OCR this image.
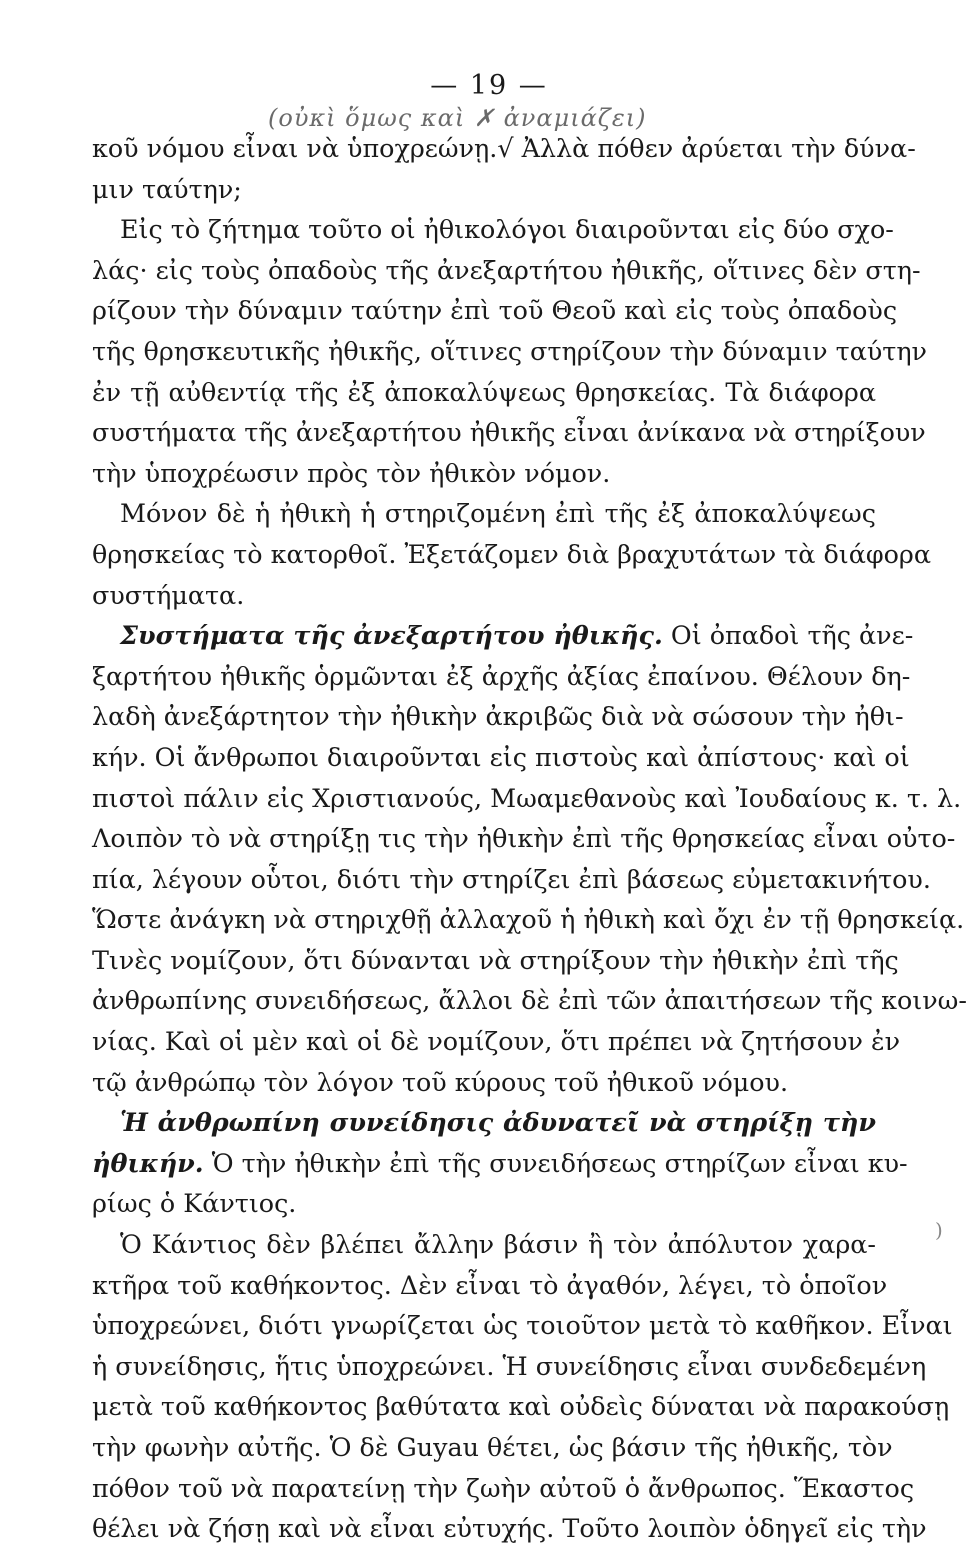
— 19 —
(οὐκὶ ὅμως καὶ ✗ ἀναμιάζει)
)
κοῦ νόμου εἶναι νὰ ὑποχρεώνῃ.√ Ἀλλὰ πόθεν ἀρύεται τὴν δύνα-
μιν ταύτην;
Εἰς τὸ ζήτημα τοῦτο οἱ ἠθικολόγοι διαιροῦνται εἰς δύο σχο-
λάς· εἰς τοὺς ὀπαδοὺς τῆς ἀνεξαρτήτου ἠθικῆς, οἵτινες δὲν στη-
ρίζουν τὴν δύναμιν ταύτην ἐπὶ τοῦ Θεοῦ καὶ εἰς τοὺς ὀπαδοὺς
τῆς θρησκευτικῆς ἠθικῆς, οἵτινες στηρίζουν τὴν δύναμιν ταύτην
ἐν τῇ αὐθεντίᾳ τῆς ἐξ ἀποκαλύψεως θρησκείας. Τὰ διάφορα
συστήματα τῆς ἀνεξαρτήτου ἠθικῆς εἶναι ἀνίκανα νὰ στηρίξουν
τὴν ὑποχρέωσιν πρὸς τὸν ἠθικὸν νόμον.
Μόνον δὲ ἡ ἠθικὴ ἡ στηριζομένη ἐπὶ τῆς ἐξ ἀποκαλύψεως
θρησκείας τὸ κατορθοῖ. Ἐξετάζομεν διὰ βραχυτάτων τὰ διάφορα
συστήματα.
Συστήματα τῆς ἀνεξαρτήτου ἠθικῆς. Οἱ ὀπαδοὶ τῆς ἀνε-
ξαρτήτου ἠθικῆς ὁρμῶνται ἐξ ἀρχῆς ἀξίας ἐπαίνου. Θέλουν δη-
λαδὴ ἀνεξάρτητον τὴν ἠθικὴν ἀκριβῶς διὰ νὰ σώσουν τὴν ἠθι-
κήν. Οἱ ἄνθρωποι διαιροῦνται εἰς πιστοὺς καὶ ἀπίστους· καὶ οἱ
πιστοὶ πάλιν εἰς Χριστιανούς, Μωαμεθανοὺς καὶ Ἰουδαίους κ. τ. λ.
Λοιπὸν τὸ νὰ στηρίξῃ τις τὴν ἠθικὴν ἐπὶ τῆς θρησκείας εἶναι οὐτο-
πία, λέγουν οὗτοι, διότι τὴν στηρίζει ἐπὶ βάσεως εὐμετακινήτου.
Ὥστε ἀνάγκη νὰ στηριχθῇ ἀλλαχοῦ ἡ ἠθικὴ καὶ ὄχι ἐν τῇ θρησκείᾳ.
Τινὲς νομίζουν, ὅτι δύνανται νὰ στηρίξουν τὴν ἠθικὴν ἐπὶ τῆς
ἀνθρωπίνης συνειδήσεως, ἄλλοι δὲ ἐπὶ τῶν ἀπαιτήσεων τῆς κοινω-
νίας. Καὶ οἱ μὲν καὶ οἱ δὲ νομίζουν, ὅτι πρέπει νὰ ζητήσουν ἐν
τῷ ἀνθρώπῳ τὸν λόγον τοῦ κύρους τοῦ ἠθικοῦ νόμου.
Ἡ ἀνθρωπίνη συνείδησις ἀδυνατεῖ νὰ στηρίξῃ τὴν
ἠθικήν. Ὁ τὴν ἠθικὴν ἐπὶ τῆς συνειδήσεως στηρίζων εἶναι κυ-
ρίως ὁ Κάντιος.
Ὁ Κάντιος δὲν βλέπει ἄλλην βάσιν ἢ τὸν ἀπόλυτον χαρα-
κτῆρα τοῦ καθήκοντος. Δὲν εἶναι τὸ ἀγαθόν, λέγει, τὸ ὁποῖον
ὑποχρεώνει, διότι γνωρίζεται ὡς τοιοῦτον μετὰ τὸ καθῆκον. Εἶναι
ἡ συνείδησις, ἥτις ὑποχρεώνει. Ἡ συνείδησις εἶναι συνδεδεμένη
μετὰ τοῦ καθήκοντος βαθύτατα καὶ οὐδεὶς δύναται νὰ παρακούσῃ
τὴν φωνὴν αὐτῆς. Ὁ δὲ Guyau θέτει, ὡς βάσιν τῆς ἠθικῆς, τὸν
πόθον τοῦ νὰ παρατείνῃ τὴν ζωὴν αὐτοῦ ὁ ἄνθρωπος. Ἕκαστος
θέλει νὰ ζήσῃ καὶ νὰ εἶναι εὐτυχής. Τοῦτο λοιπὸν ὁδηγεῖ εἰς τὴν
